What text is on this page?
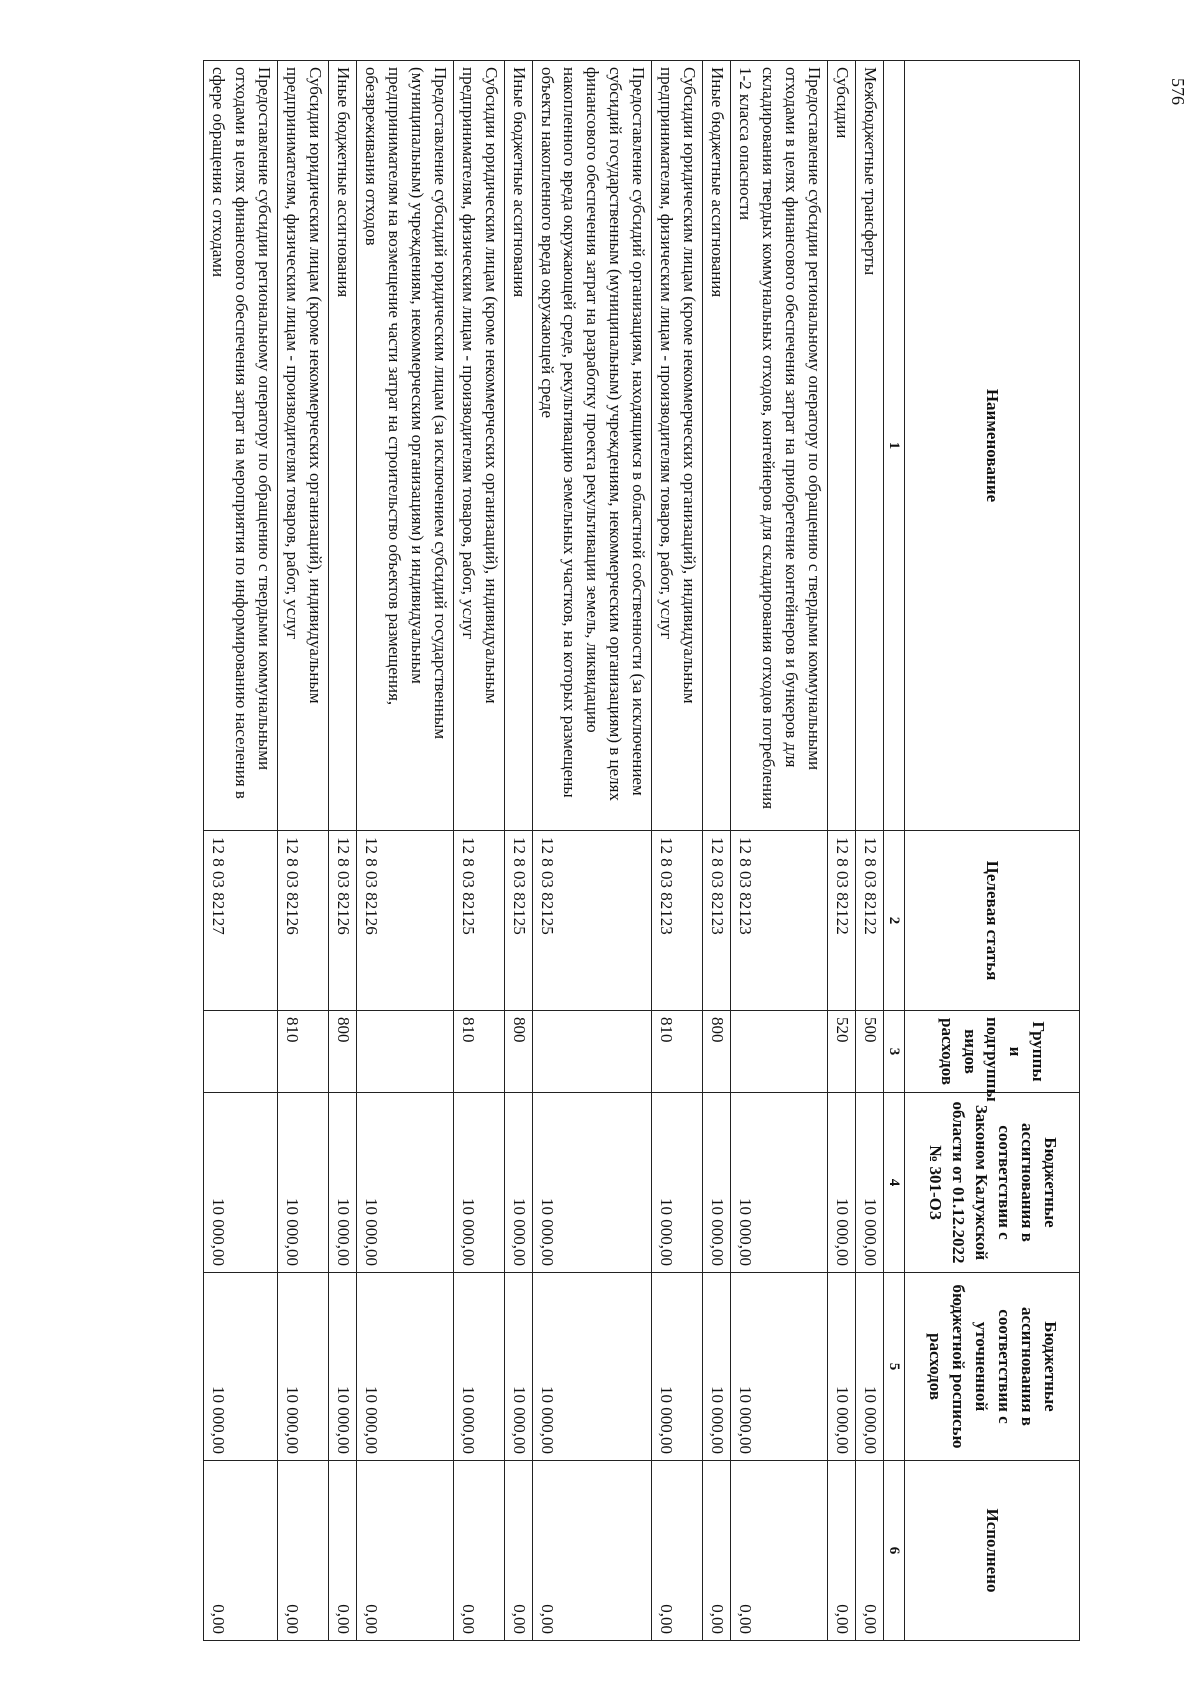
Наименование	Целевая статья	Группы и подгруппы видов расходов	Бюджетные ассигнования в соответствии с Законом Калужской области от 01.12.2022 № 301-ОЗ	Бюджетные ассигнования в соответствии с уточненной бюджетной росписью расходов	Исполнено
1	2	3	4	5	6
Межбюджетные трансферты	12 8 03 82122	500	10 000,00	10 000,00	0,00
Субсидии	12 8 03 82122	520	10 000,00	10 000,00	0,00
Предоставление субсидии региональному оператору по обращению с твердыми коммунальными отходами в целях финансового обеспечения затрат на приобретение контейнеров и бункеров для складирования твердых коммунальных отходов, контейнеров для складирования отходов потребления 1-2 класса опасности	12 8 03 82123		10 000,00	10 000,00	0,00
Иные бюджетные ассигнования	12 8 03 82123	800	10 000,00	10 000,00	0,00
Субсидии юридическим лицам (кроме некоммерческих организаций), индивидуальным предпринимателям, физическим лицам - производителям товаров, работ, услуг	12 8 03 82123	810	10 000,00	10 000,00	0,00
Предоставление субсидий организациям, находящимся в областной собственности (за исключением субсидий государственным (муниципальным) учреждениям, некоммерческим организациям) в целях финансового обеспечения затрат на разработку проекта рекультивации земель, ликвидацию накопленного вреда окружающей среде, рекультивацию земельных участков, на которых размещены объекты накопленного вреда окружающей среде	12 8 03 82125		10 000,00	10 000,00	0,00
Иные бюджетные ассигнования	12 8 03 82125	800	10 000,00	10 000,00	0,00
Субсидии юридическим лицам (кроме некоммерческих организаций), индивидуальным предпринимателям, физическим лицам - производителям товаров, работ, услуг	12 8 03 82125	810	10 000,00	10 000,00	0,00
Предоставление субсидий юридическим лицам (за исключением субсидий государственным (муниципальным) учреждениям, некоммерческим организациям) и индивидуальным предпринимателям на возмещение части затрат на строительство объектов размещения, обезвреживания отходов	12 8 03 82126		10 000,00	10 000,00	0,00
Иные бюджетные ассигнования	12 8 03 82126	800	10 000,00	10 000,00	0,00
Субсидии юридическим лицам (кроме некоммерческих организаций), индивидуальным предпринимателям, физическим лицам - производителям товаров, работ, услуг	12 8 03 82126	810	10 000,00	10 000,00	0,00
Предоставление субсидии региональному оператору по обращению с твердыми коммунальными отходами в целях финансового обеспечения затрат на мероприятия по информированию населения в сфере обращения с отходами	12 8 03 82127		10 000,00	10 000,00	0,00
576
